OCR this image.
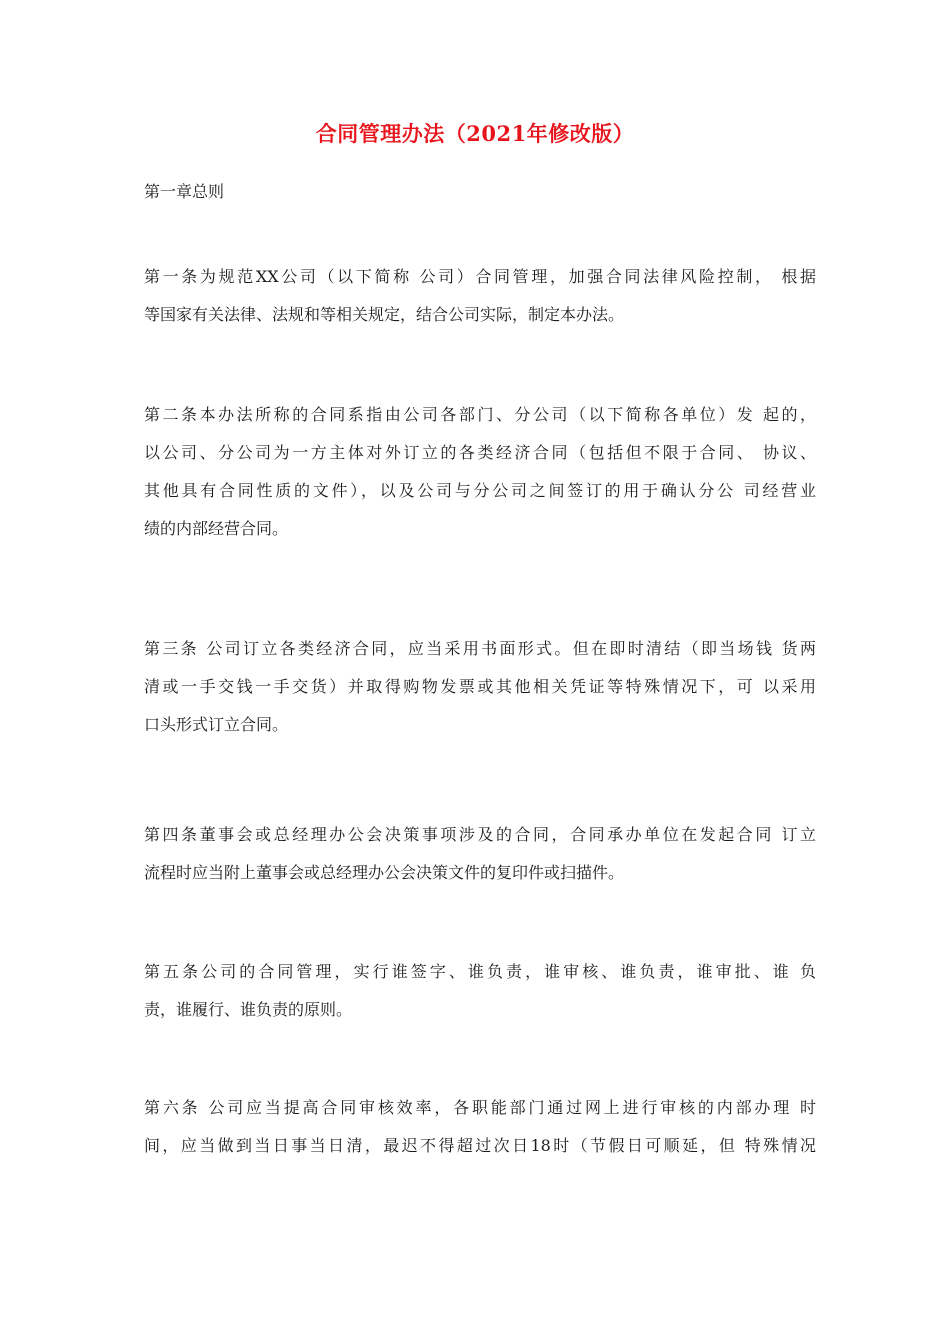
合同管理办法（2021年修改版）
第一章总则
第一条为规范XX公司（以下简称 公司）合同管理，加强合同法律风险控制， 根据
等国家有关法律、法规和等相关规定，结合公司实际，制定本办法。
第二条本办法所称的合同系指由公司各部门、分公司（以下简称各单位）发 起的，
以公司、分公司为一方主体对外订立的各类经济合同（包括但不限于合同、 协议、
其他具有合同性质的文件），以及公司与分公司之间签订的用于确认分公 司经营业
绩的内部经营合同。
第三条 公司订立各类经济合同，应当采用书面形式。但在即时清结（即当场钱 货两
清或一手交钱一手交货）并取得购物发票或其他相关凭证等特殊情况下，可 以采用
口头形式订立合同。
第四条董事会或总经理办公会决策事项涉及的合同，合同承办单位在发起合同 订立
流程时应当附上董事会或总经理办公会决策文件的复印件或扫描件。
第五条公司的合同管理，实行谁签字、谁负责，谁审核、谁负责，谁审批、谁 负
责，谁履行、谁负责的原则。
第六条 公司应当提高合同审核效率，各职能部门通过网上进行审核的内部办理 时
间，应当做到当日事当日清，最迟不得超过次日18时（节假日可顺延，但 特殊情况
